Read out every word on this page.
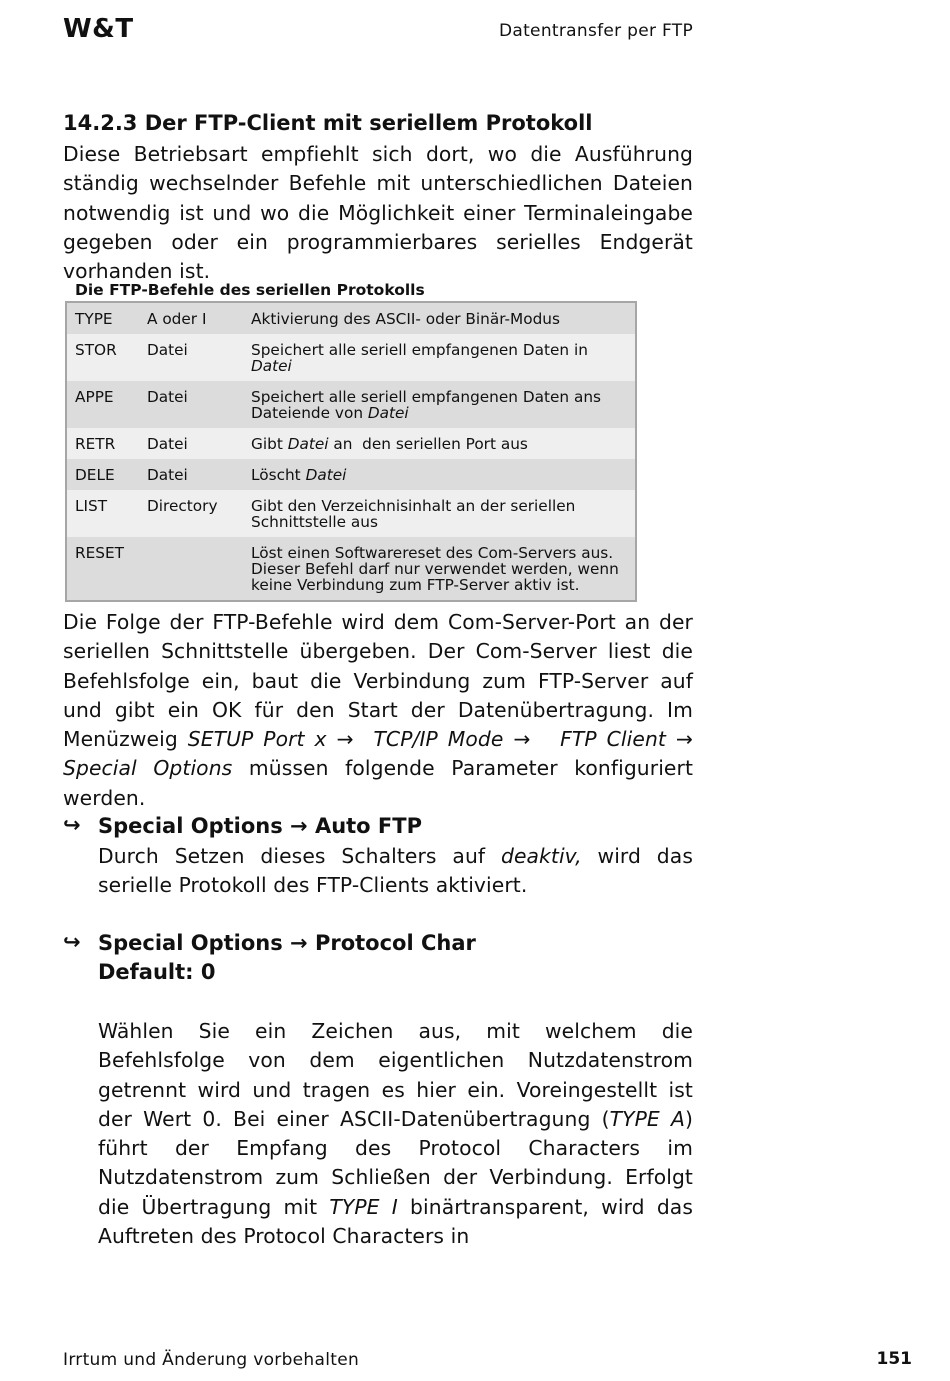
W&T	Datentransfer per FTP
14.2.3 Der FTP-Client mit seriellem Protokoll
Diese Betriebsart empfiehlt sich dort, wo die Ausführung ständig wechselnder Befehle mit unterschiedlichen Dateien notwendig ist und wo die Möglichkeit einer Terminaleingabe gegeben oder ein programmierbares serielles Endgerät vorhanden ist.
Die FTP-Befehle des seriellen Protokolls
TYPE	A oder I	Aktivierung des ASCII- oder Binär-Modus
STOR	Datei	Speichert alle seriell empfangenen Daten in Datei
APPE	Datei	Speichert alle seriell empfangenen Daten ans Dateiende von Datei
RETR	Datei	Gibt Datei an  den seriellen Port aus
DELE	Datei	Löscht Datei
LIST	Directory	Gibt den Verzeichnisinhalt an der seriellen Schnittstelle aus
RESET		Löst einen Softwarereset des Com-Servers aus. Dieser Befehl darf nur verwendet werden, wenn keine Verbindung zum FTP-Server aktiv ist.
Die Folge der FTP-Befehle wird dem Com-Server-Port an der seriellen Schnittstelle übergeben. Der Com-Server liest die Befehlsfolge ein, baut die Verbindung zum FTP-Server auf und gibt ein OK für den Start der Datenübertragung. Im Menüzweig SETUP Port x →  TCP/IP Mode →   FTP Client → Special Options müssen folgende Parameter konfiguriert werden.
↪ Special Options → Auto FTP
Durch Setzen dieses Schalters auf deaktiv, wird das serielle Protokoll des FTP-Clients aktiviert.
↪ Special Options → Protocol Char
Default: 0
Wählen Sie ein Zeichen aus, mit welchem die Befehlsfolge von dem eigentlichen Nutzdatenstrom getrennt wird und tragen es hier ein. Voreingestellt ist der Wert 0. Bei einer ASCII-Datenübertragung (TYPE A) führt der Empfang des Protocol Characters im Nutzdatenstrom zum Schließen der Verbindung. Erfolgt die Übertragung mit TYPE I binärtransparent, wird das Auftreten des Protocol Characters in
Irrtum und Änderung vorbehalten	151
